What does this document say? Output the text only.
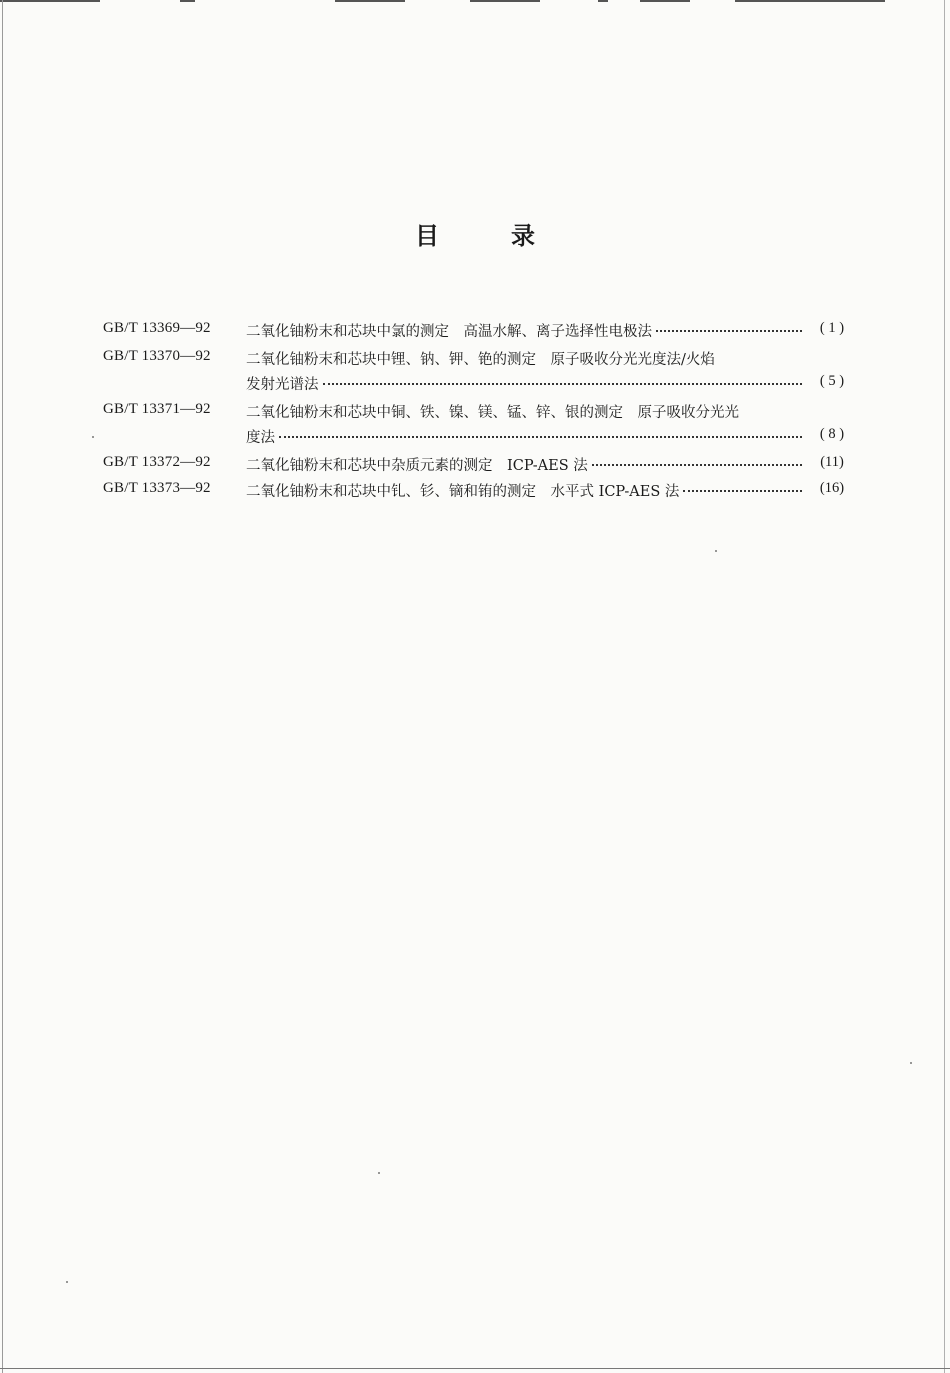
目	录
GB/T 13369—92 二氧化铀粉末和芯块中氯的测定　高温水解、离子选择性电极法	( 1 )
GB/T 13370—92 二氧化铀粉末和芯块中锂、钠、钾、铯的测定　原子吸收分光光度法/火焰
发射光谱法	( 5 )
GB/T 13371—92 二氧化铀粉末和芯块中铜、铁、镍、镁、锰、锌、银的测定　原子吸收分光光
度法	( 8 )
GB/T 13372—92 二氧化铀粉末和芯块中杂质元素的测定　ICP-AES 法	(11)
GB/T 13373—92 二氧化铀粉末和芯块中钆、钐、镝和铕的测定　水平式 ICP-AES 法	(16)
